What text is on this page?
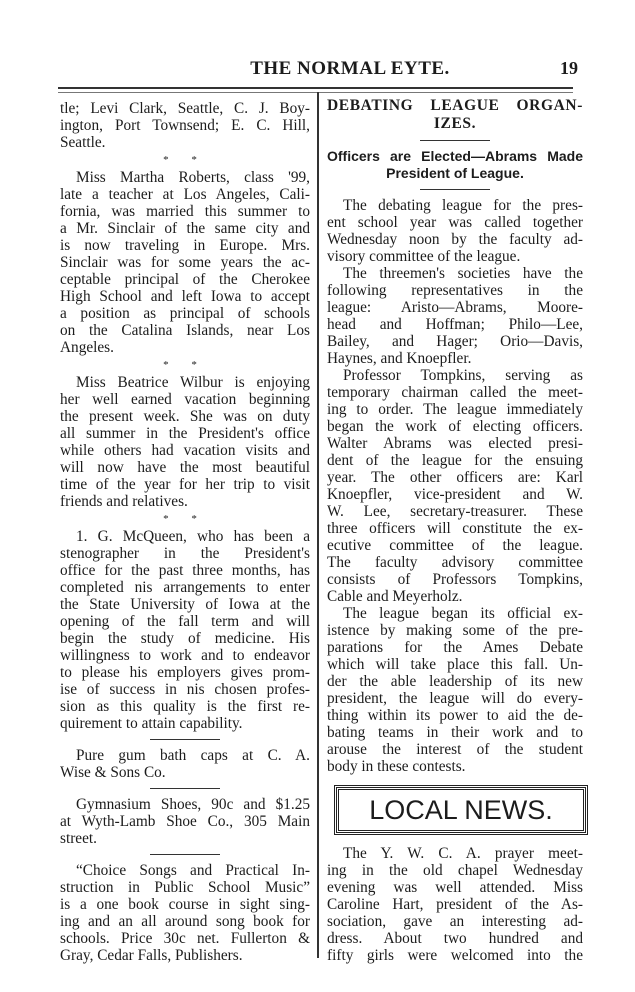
THE NORMAL EYTE.	19
tle; Levi Clark, Seattle, C. J. Boy-
ington, Port Townsend; E. C. Hill,
Seattle.
* *
Miss Martha Roberts, class '99,
late a teacher at Los Angeles, Cali-
fornia, was married this summer to
a Mr. Sinclair of the same city and
is now traveling in Europe. Mrs.
Sinclair was for some years the ac-
ceptable principal of the Cherokee
High School and left Iowa to accept
a position as principal of schools
on the Catalina Islands, near Los
Angeles.
* *
Miss Beatrice Wilbur is enjoying
her well earned vacation beginning
the present week. She was on duty
all summer in the President's office
while others had vacation visits and
will now have the most beautiful
time of the year for her trip to visit
friends and relatives.
* *
1. G. McQueen, who has been a
stenographer in the President's
office for the past three months, has
completed nis arrangements to enter
the State University of Iowa at the
opening of the fall term and will
begin the study of medicine. His
willingness to work and to endeavor
to please his employers gives prom-
ise of success in nis chosen profes-
sion as this quality is the first re-
quirement to attain capability.
Pure gum bath caps at C. A.
Wise & Sons Co.
Gymnasium Shoes, 90c and $1.25
at Wyth-Lamb Shoe Co., 305 Main
street.
“Choice Songs and Practical In-
struction in Public School Music”
is a one book course in sight sing-
ing and an all around song book for
schools. Price 30c net. Fullerton &
Gray, Cedar Falls, Publishers.
DEBATING LEAGUE ORGAN-
IZES.
Officers are Elected—Abrams Made
President of League.
The debating league for the pres-
ent school year was called together
Wednesday noon by the faculty ad-
visory committee of the league.
The threemen's societies have the
following representatives in the
league: Aristo—Abrams, Moore-
head and Hoffman; Philo—Lee,
Bailey, and Hager; Orio—Davis,
Haynes, and Knoepfler.
Professor Tompkins, serving as
temporary chairman called the meet-
ing to order. The league immediately
began the work of electing officers.
Walter Abrams was elected presi-
dent of the league for the ensuing
year. The other officers are: Karl
Knoepfler, vice-president and W.
W. Lee, secretary-treasurer. These
three officers will constitute the ex-
ecutive committee of the league.
The faculty advisory committee
consists of Professors Tompkins,
Cable and Meyerholz.
The league began its official ex-
istence by making some of the pre-
parations for the Ames Debate
which will take place this fall. Un-
der the able leadership of its new
president, the league will do every-
thing within its power to aid the de-
bating teams in their work and to
arouse the interest of the student
body in these contests.
LOCAL NEWS.
The Y. W. C. A. prayer meet-
ing in the old chapel Wednesday
evening was well attended. Miss
Caroline Hart, president of the As-
sociation, gave an interesting ad-
dress. About two hundred and
fifty girls were welcomed into the
